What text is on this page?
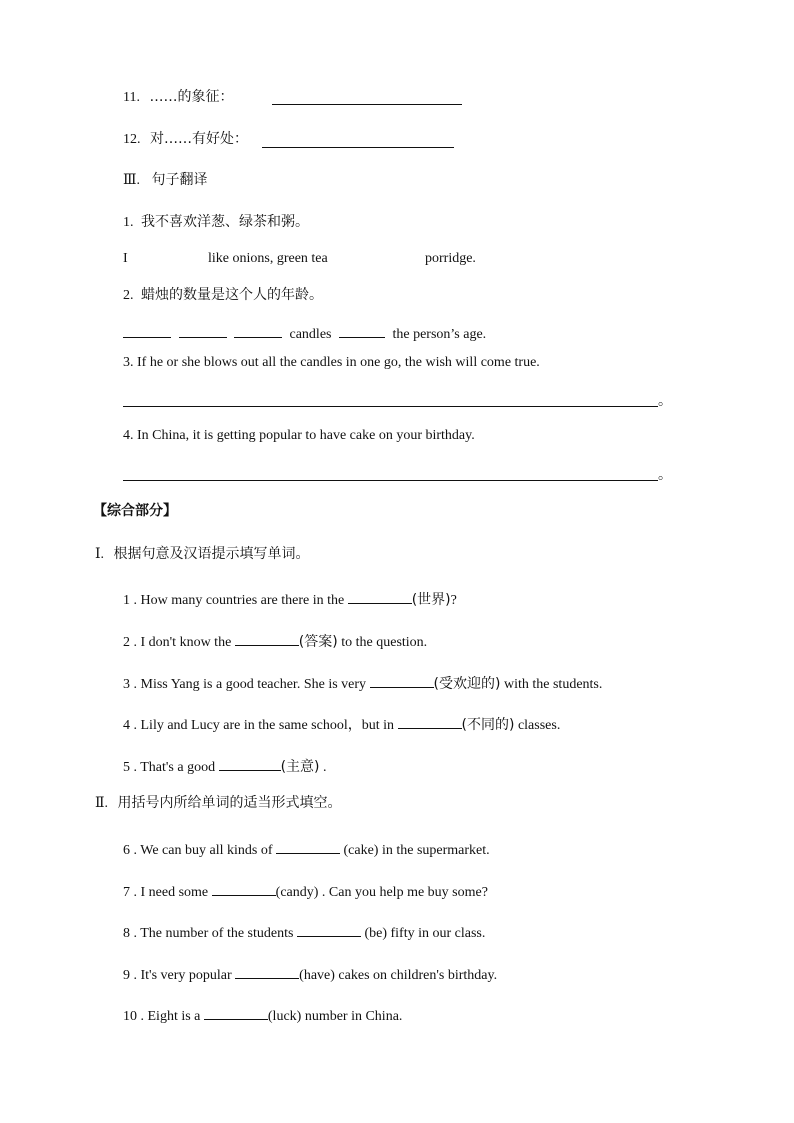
11. ……的象征：
12. 对……有好处：
Ⅲ. 句子翻译
1. 我不喜欢洋葱、绿茶和粥。
I	like onions, green tea	porridge.
2. 蜡烛的数量是这个人的年龄。
candles	the person’s age.
3. If he or she blows out all the candles in one go, the wish will come true.
。
4. In China, it is getting popular to have cake on your birthday.
。
【综合部分】
Ⅰ. 根据句意及汉语提示填写单词。
1 . How many countries are there in the	(世界)?
2 . I don't know the	(答案) to the question.
3 . Miss Yang is a good teacher. She is very	(受欢迎的) with the students.
4 . Lily and Lucy are in the same school，but in	(不同的) classes.
5 . That's a good	(主意) .
Ⅱ. 用括号内所给单词的适当形式填空。
6 . We can buy all kinds of	(cake) in the supermarket.
7 . I need some	(candy) . Can you help me buy some?
8 . The number of the students	(be) fifty in our class.
9 . It's very popular	(have) cakes on children's birthday.
10 . Eight is a	(luck) number in China.
